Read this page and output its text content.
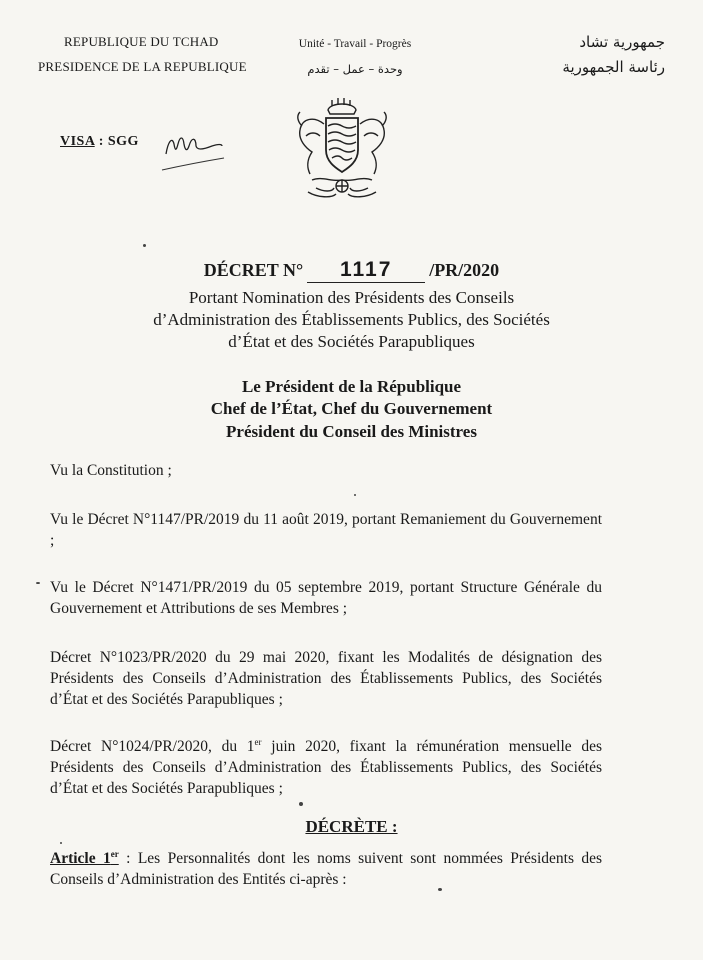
REPUBLIQUE DU TCHAD
PRESIDENCE DE LA REPUBLIQUE
Unité - Travail - Progrès
وحدة – عمل – تقدم
جمهورية تشاد
رئاسة الجمهورية
VISA : SGG
DÉCRET N° 1117 /PR/2020
Portant Nomination des Présidents des Conseils
d’Administration des Établissements Publics, des Sociétés
d’État et des Sociétés Parapubliques
Le Président de la République
Chef de l’État, Chef du Gouvernement
Président du Conseil des Ministres
Vu la Constitution ;
Vu le Décret N°1147/PR/2019 du 11 août 2019, portant Remaniement du Gouvernement ;
Vu le Décret N°1471/PR/2019 du 05 septembre 2019, portant Structure Générale du Gouvernement et Attributions de ses Membres ;
Décret N°1023/PR/2020 du 29 mai 2020, fixant les Modalités de désignation des Présidents des Conseils d’Administration des Établissements Publics, des Sociétés d’État et des Sociétés Parapubliques ;
Décret N°1024/PR/2020, du 1er juin 2020, fixant la rémunération mensuelle des Présidents des Conseils d’Administration des Établissements Publics, des Sociétés d’État et des Sociétés Parapubliques ;
DÉCRÈTE :
Article 1er : Les Personnalités dont les noms suivent sont nommées Présidents des Conseils d’Administration des Entités ci-après :
